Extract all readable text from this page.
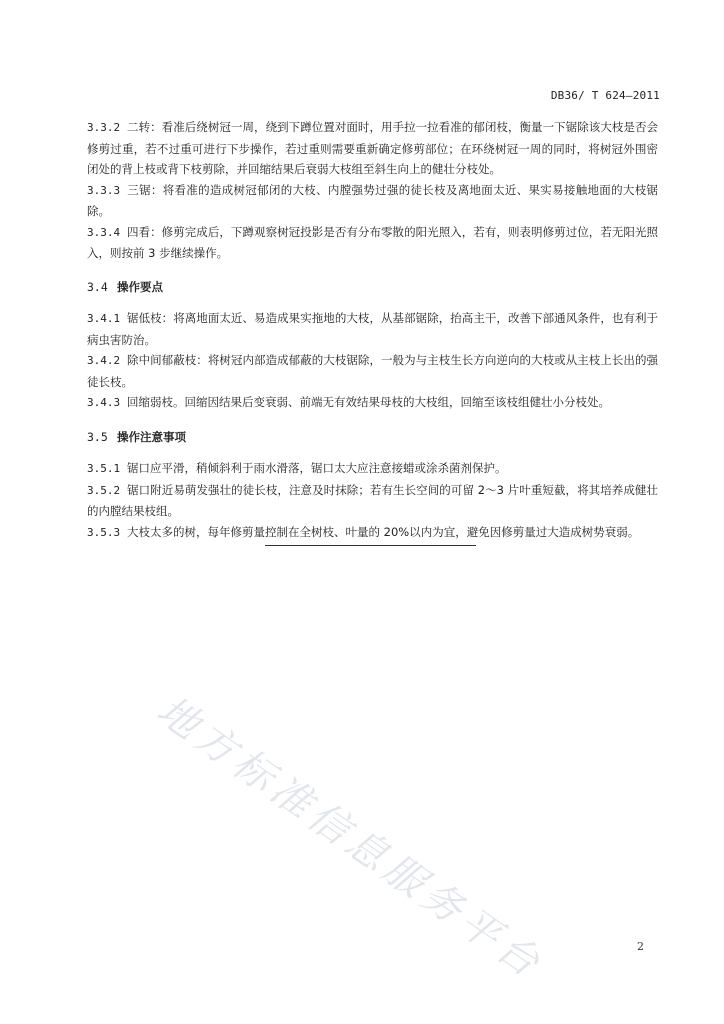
DB36/ T 624—2011

3.3.2 二转：看准后绕树冠一周，绕到下蹲位置对面时，用手拉一拉看准的郁闭枝，衡量一下锯除该大枝是否会修剪过重，若不过重可进行下步操作，若过重则需要重新确定修剪部位；在环绕树冠一周的同时，将树冠外围密闭处的背上枝或背下枝剪除，并回缩结果后衰弱大枝组至斜生向上的健壮分枝处。

3.3.3 三锯：将看准的造成树冠郁闭的大枝、内膛强势过强的徒长枝及离地面太近、果实易接触地面的大枝锯除。

3.3.4 四看：修剪完成后，下蹲观察树冠投影是否有分布零散的阳光照入，若有，则表明修剪过位，若无阳光照入，则按前 3 步继续操作。

3.4 操作要点

3.4.1 锯低枝：将离地面太近、易造成果实拖地的大枝，从基部锯除，抬高主干，改善下部通风条件，也有利于病虫害防治。

3.4.2 除中间郁蔽枝：将树冠内部造成郁蔽的大枝锯除，一般为与主枝生长方向逆向的大枝或从主枝上长出的强徒长枝。

3.4.3 回缩弱枝。回缩因结果后变衰弱、前端无有效结果母枝的大枝组，回缩至该枝组健壮小分枝处。

3.5 操作注意事项

3.5.1 锯口应平滑，稍倾斜利于雨水滑落，锯口太大应注意接蜡或涂杀菌剂保护。

3.5.2 锯口附近易萌发强壮的徒长枝，注意及时抹除；若有生长空间的可留 2～3 片叶重短截，将其培养成健壮的内膛结果枝组。

3.5.3 大枝太多的树，每年修剪量控制在全树枝、叶量的 20%以内为宜，避免因修剪量过大造成树势衰弱。

地方标准信息服务平台	2
